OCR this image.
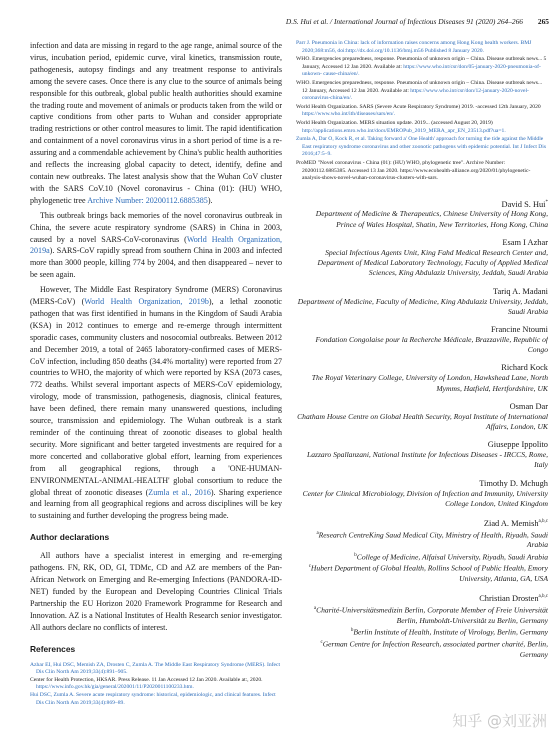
D.S. Hui et al. / International Journal of Infectious Diseases 91 (2020) 264–266 265

infection and data are missing in regard to the age range, animal source of the virus, incubation period, epidemic curve, viral kinetics, transmission route, pathogenesis, autopsy findings and any treatment response to antivirals among the severe cases. Once there is any clue to the source of animals being responsible for this outbreak, global public health authorities should examine the trading route and movement of animals or products taken from the wild or captive conditions from other parts to Wuhan and consider appropriate trading restrictions or other control measures to limit. The rapid identification and containment of a novel coronavirus virus in a short period of time is a re-assuring and a commendable achievement by China's public health authorities and reflects the increasing global capacity to detect, identify, define and contain new outbreaks. The latest analysis show that the Wuhan CoV cluster with the SARS CoV.10 (Novel coronavirus - China (01): (HU) WHO, phylogenetic tree Archive Number: 20200112.6885385).

This outbreak brings back memories of the novel coronavirus outbreak in China, the severe acute respiratory syndrome (SARS) in China in 2003, caused by a novel SARS-CoV-coronavirus (World Health Organization, 2019a). SARS-CoV rapidly spread from southern China in 2003 and infected more than 3000 people, killing 774 by 2004, and then disappeared – never to be seen again.

However, The Middle East Respiratory Syndrome (MERS) Coronavirus (MERS-CoV) (World Health Organization, 2019b), a lethal zoonotic pathogen that was first identified in humans in the Kingdom of Saudi Arabia (KSA) in 2012 continues to emerge and re-emerge through intermittent sporadic cases, community clusters and nosocomial outbreaks. Between 2012 and December 2019, a total of 2465 laboratory-confirmed cases of MERS-CoV infection, including 850 deaths (34.4% mortality) were reported from 27 countries to WHO, the majority of which were reported by KSA (2073 cases, 772 deaths. Whilst several important aspects of MERS-CoV epidemiology, virology, mode of transmission, pathogenesis, diagnosis, clinical features, have been defined, there remain many unanswered questions, including source, transmission and epidemiology. The Wuhan outbreak is a stark reminder of the continuing threat of zoonotic diseases to global health security. More significant and better targeted investments are required for a more concerted and collaborative global effort, learning from experiences from all geographical regions, through a 'ONE-HUMAN-ENVIRONMENTAL-ANIMAL-HEALTH' global consortium to reduce the global threat of zoonotic diseases (Zumla et al., 2016). Sharing experience and learning from all geographical regions and across disciplines will be key to sustaining and further developing the progress being made.

Author declarations

All authors have a specialist interest in emerging and re-emerging pathogens. FN, RK, OD, GI, TDMc, CD and AZ are members of the Pan-African Network on Emerging and Re-emerging Infections (PANDORA-ID-NET) funded by the European and Developing Countries Clinical Trials Partnership the EU Horizon 2020 Framework Programme for Research and Innovation. AZ is a National Institutes of Health Research senior investigator. All authors declare no conflicts of interest.

References

Azhar EI, Hui DSC, Memish ZA, Drosten C, Zumla A. The Middle East Respiratory Syndrome (MERS). Infect Dis Clin North Am 2019;33(4):891–905.

Center for Health Protection, HKSAR. Press Release. 11 Jan Accessed 12 Jan 2020. Available at:, 2020. https://www.info.gov.hk/gia/general/202001/11/P2020011100233.htm.

Hui DSC, Zumla A. Severe acute respiratory syndrome: historical, epidemiologic, and clinical features. Infect Dis Clin North Am 2019;33(4):869–89.

Parr J. Pneumonia in China: lack of information raises concerns among Hong Kong health workers. BMJ 2020;368:m56, doi:http://dx.doi.org/10.1136/bmj.m56 Published 8 January 2020.

WHO. Emergencies preparedness, response. Pneumonia of unknown origin – China. Disease outbreak news... 5 January, Accessed 12 Jan 2020. Available at: https://www.who.int/csr/don/05-january-2020-pneumonia-of-unkown- cause-china/en/.

WHO. Emergencies preparedness, response. Pneumonia of unknown origin – China. Disease outbreak news... 12 January, Accessed 12 Jan 2020. Available at: https://www.who.int/csr/don/12-january-2020-novel-coronavirus-china/en/.

World Health Organization. SARS (Severe Acute Respiratory Syndrome) 2019. -accessed 12th January, 2020 https://www.who.int/ith/diseases/sars/en/.

World Health Organization. MERS situation update. 2019... (accessed August 20, 2019) http://applications.emro.who.int/docs/EMROPub_2019_MERA_apr_EN_23513.pdf?ua=1.

Zumla A, Dar O, Kock R, et al. Taking forward a' One Health' approach for turning the tide against the Middle East respiratory syndrome coronavirus and other zoonotic pathogens with epidemic potential. Int J Infect Dis 2016;47:5–9.

ProMED "Novel coronavirus - China (01): (HU) WHO, phylogenetic tree". Archive Number: 20200112.6885385. Accessed 13 Jan 2020. https://www.ecohealth-alliance.org/2020/01/phylogenetic-analysis-shows-novel-wuhan-coronavirus-clusters-with-sars.

David S. Hui*
Department of Medicine & Therapeutics, Chinese University of Hong Kong, Prince of Wales Hospital, Shatin, New Territories, Hong Kong, China
Esam I Azhar
Special Infectious Agents Unit, King Fahd Medical Research Center and, Department of Medical Laboratory Technology, Faculty of Applied Medical Sciences, King Abdulaziz University, Jeddah, Saudi Arabia
Tariq A. Madani
Department of Medicine, Faculty of Medicine, King Abdulaziz University, Jeddah, Saudi Arabia
Francine Ntoumi
Fondation Congolaise pour la Recherche Médicale, Brazzaville, Republic of Congo
Richard Kock
The Royal Veterinary College, University of London, Hawkshead Lane, North Mymms, Hatfield, Hertfordshire, UK
Osman Dar
Chatham House Centre on Global Health Security, Royal Institute of International Affairs, London, UK
Giuseppe Ippolito
Lazzaro Spallanzani, National Institute for Infectious Diseases - IRCCS, Rome, Italy
Timothy D. Mchugh
Center for Clinical Microbiology, Division of Infection and Immunity, University College London, United Kingdom
Ziad A. Memish$^{a,b,c}$
$^a$Research CentreKing Saud Medical City, Ministry of Health, Riyadh, Saudi Arabia
$^b$College of Medicine, Alfaisal University, Riyadh, Saudi Arabia
$^c$Hubert Department of Global Health, Rollins School of Public Health, Emory University, Atlanta, GA, USA
Christian Drosten$^{a,b,c}$
$^a$Charité-Universitätsmedizin Berlin, Corporate Member of Freie Universität Berlin, Humboldt-Universität zu Berlin, Germany
$^b$Berlin Institute of Health, Institute of Virology, Berlin, Germany
$^c$German Centre for Infection Research, associated partner charité, Berlin, Germany
知乎 @刘亚洲
